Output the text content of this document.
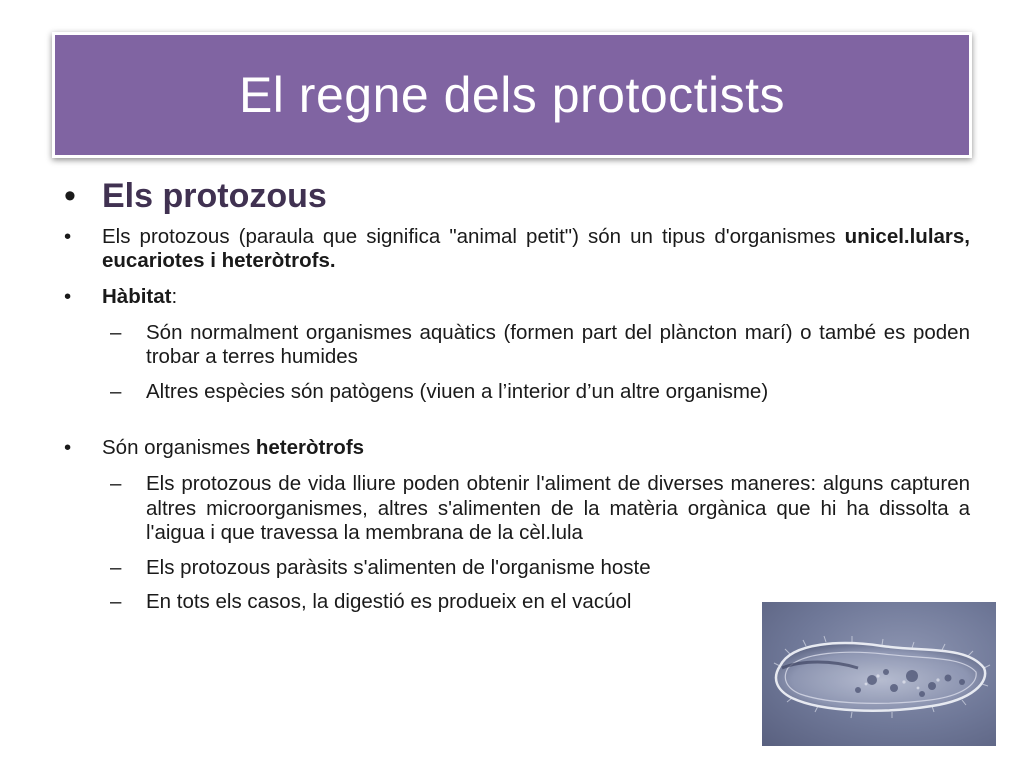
El regne dels protoctists
• Els protozous
• Els protozous (paraula que significa "animal petit") són un tipus d'organismes unicel.lulars, eucariotes i heteròtrofs.
• Hàbitat:
– Són normalment organismes aquàtics (formen part del plàncton marí) o també es poden trobar a terres humides
– Altres espècies són patògens (viuen a l’interior d’un altre organisme)
• Són organismes heteròtrofs
– Els protozous de vida lliure poden obtenir l'aliment de diverses maneres: alguns capturen altres microorganismes, altres s'alimenten de la matèria orgànica que hi ha dissolta a l'aigua i que travessa la membrana de la cèl.lula
– Els protozous paràsits s'alimenten de l'organisme hoste
– En tots els casos, la digestió es produeix en el vacúol
